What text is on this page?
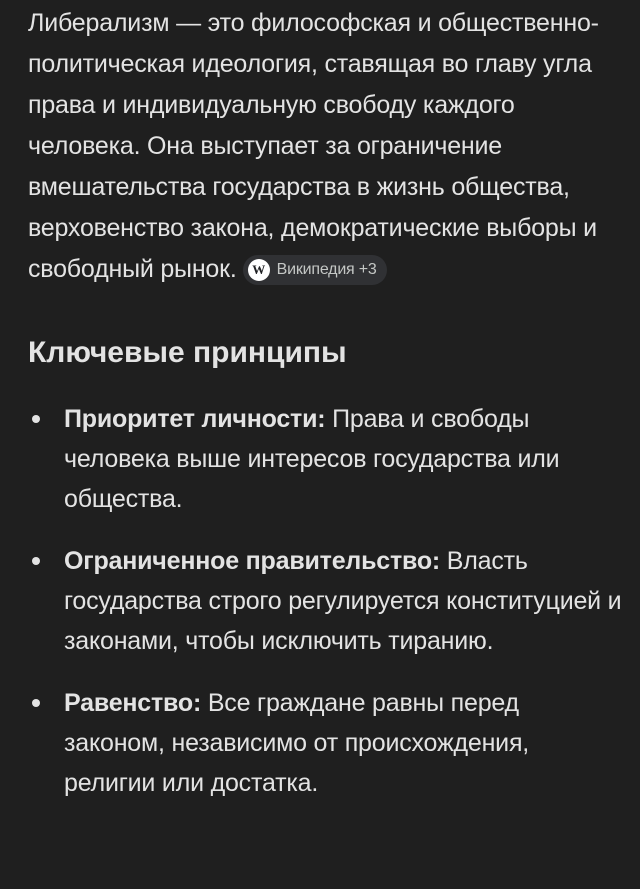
Либерализм — это философская и общественно-политическая идеология, ставящая во главу угла права и индивидуальную свободу каждого человека. Она выступает за ограничение вмешательства государства в жизнь общества, верховенство закона, демократические выборы и свободный рынок.	W Википедия +3

Ключевые принципы
Приоритет личности: Права и свободы человека выше интересов государства или общества.
Ограниченное правительство: Власть государства строго регулируется конституцией и законами, чтобы исключить тиранию.
Равенство: Все граждане равны перед законом, независимо от происхождения, религии или достатка.
